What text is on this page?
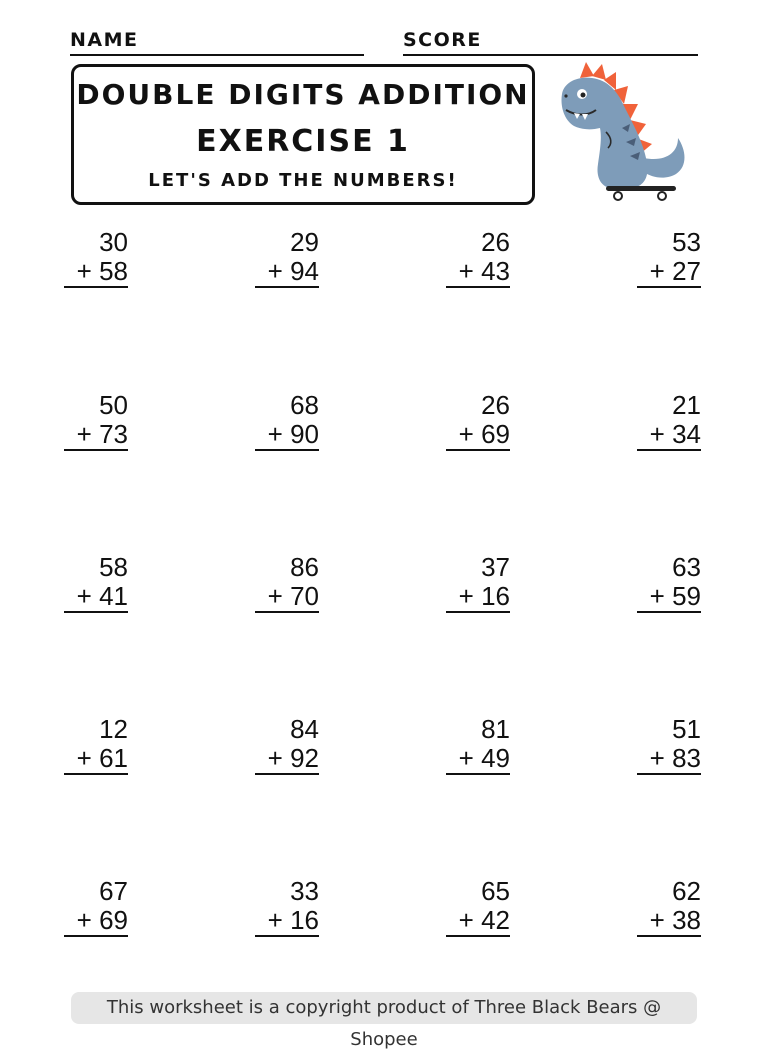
NAME	SCORE
DOUBLE DIGITS ADDITION
EXERCISE 1
LET'S ADD THE NUMBERS!
30
+ 58
29
+ 94
26
+ 43
53
+ 27
50
+ 73
68
+ 90
26
+ 69
21
+ 34
58
+ 41
86
+ 70
37
+ 16
63
+ 59
12
+ 61
84
+ 92
81
+ 49
51
+ 83
67
+ 69
33
+ 16
65
+ 42
62
+ 38
This worksheet is a copyright product of Three Black Bears @ Shopee
